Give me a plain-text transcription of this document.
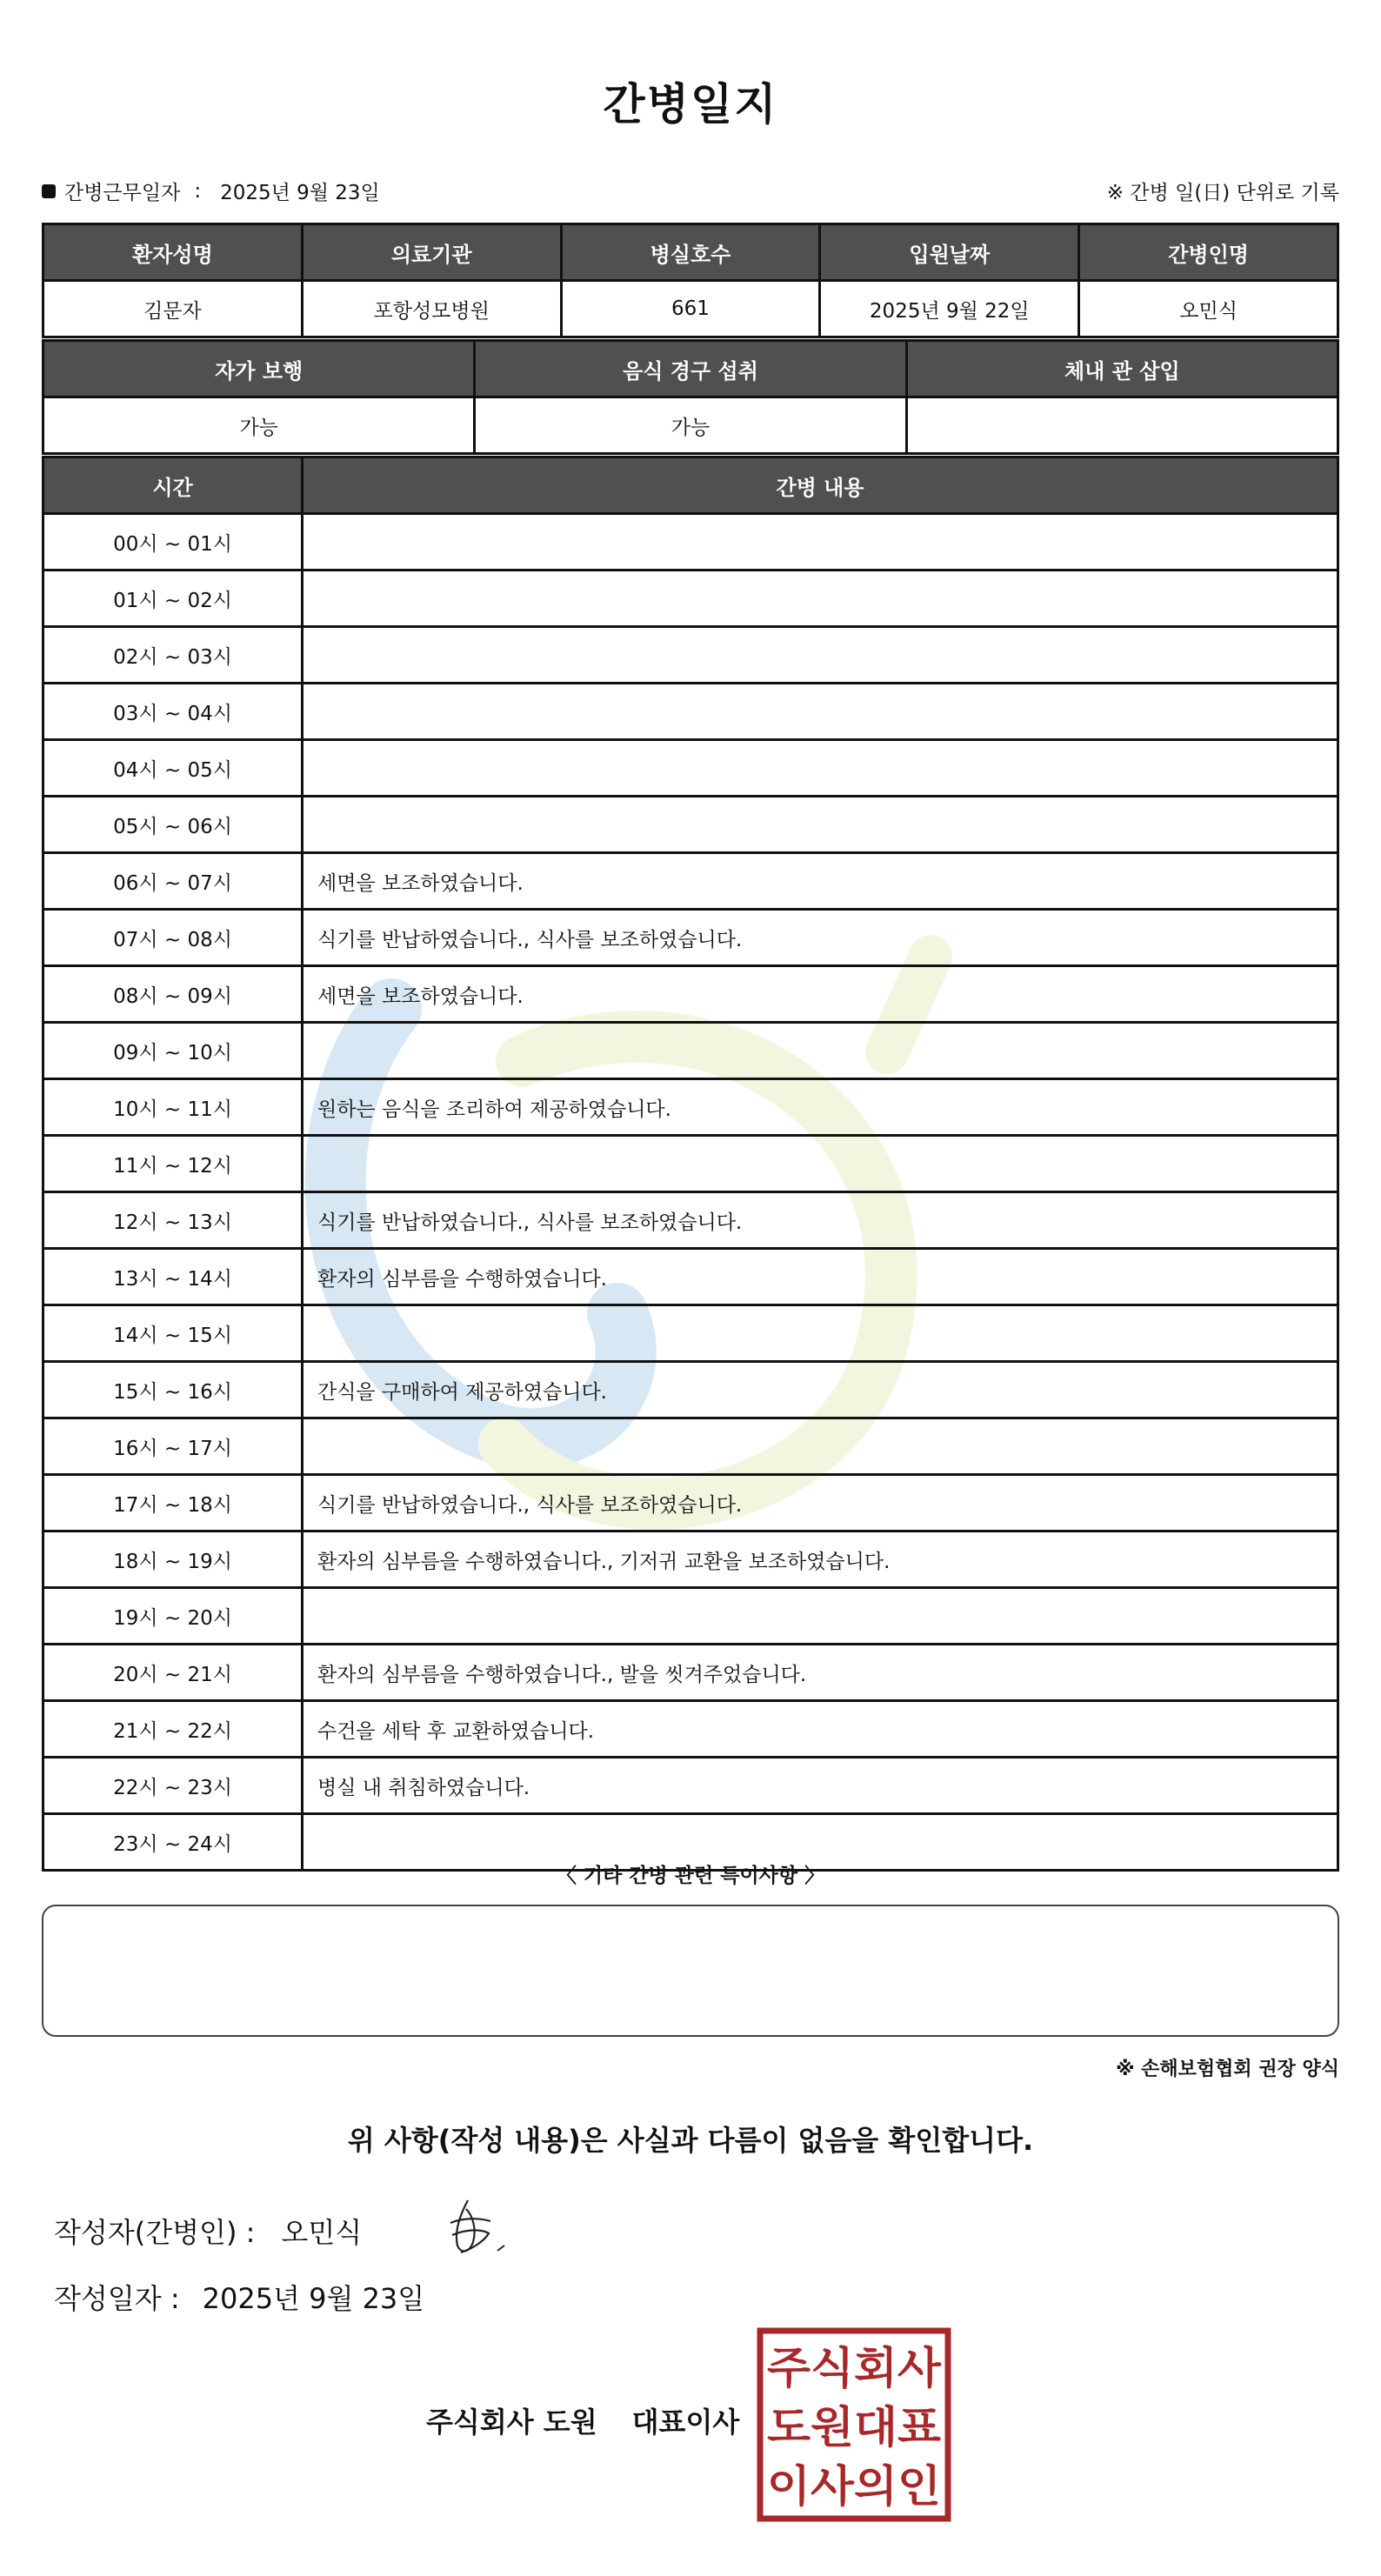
간병일지
간병근무일자 : 2025년 9월 23일	※ 간병 일(日) 단위로 기록
환자성명	의료기관	병실호수	입원날짜	간병인명
김문자	포항성모병원	661	2025년 9월 22일	오민식
자가 보행	음식 경구 섭취	체내 관 삽입
가능	가능	
시간	간병 내용
00시 ~ 01시	
01시 ~ 02시	
02시 ~ 03시	
03시 ~ 04시	
04시 ~ 05시	
05시 ~ 06시	
06시 ~ 07시	세면을 보조하였습니다.
07시 ~ 08시	식기를 반납하였습니다., 식사를 보조하였습니다.
08시 ~ 09시	세면을 보조하였습니다.
09시 ~ 10시	
10시 ~ 11시	원하는 음식을 조리하여 제공하였습니다.
11시 ~ 12시	
12시 ~ 13시	식기를 반납하였습니다., 식사를 보조하였습니다.
13시 ~ 14시	환자의 심부름을 수행하였습니다.
14시 ~ 15시	
15시 ~ 16시	간식을 구매하여 제공하였습니다.
16시 ~ 17시	
17시 ~ 18시	식기를 반납하였습니다., 식사를 보조하였습니다.
18시 ~ 19시	환자의 심부름을 수행하였습니다., 기저귀 교환을 보조하였습니다.
19시 ~ 20시	
20시 ~ 21시	환자의 심부름을 수행하였습니다., 발을 씻겨주었습니다.
21시 ~ 22시	수건을 세탁 후 교환하였습니다.
22시 ~ 23시	병실 내 취침하였습니다.
23시 ~ 24시	
〈 기타 간병 관련 특이사항 〉
※ 손해보험협회 권장 양식
위 사항(작성 내용)은 사실과 다름이 없음을 확인합니다.
작성자(간병인) : 오민식
작성일자 : 2025년 9월 23일
주식회사 도원 대표이사
주식회사
도원대표
이사의인
